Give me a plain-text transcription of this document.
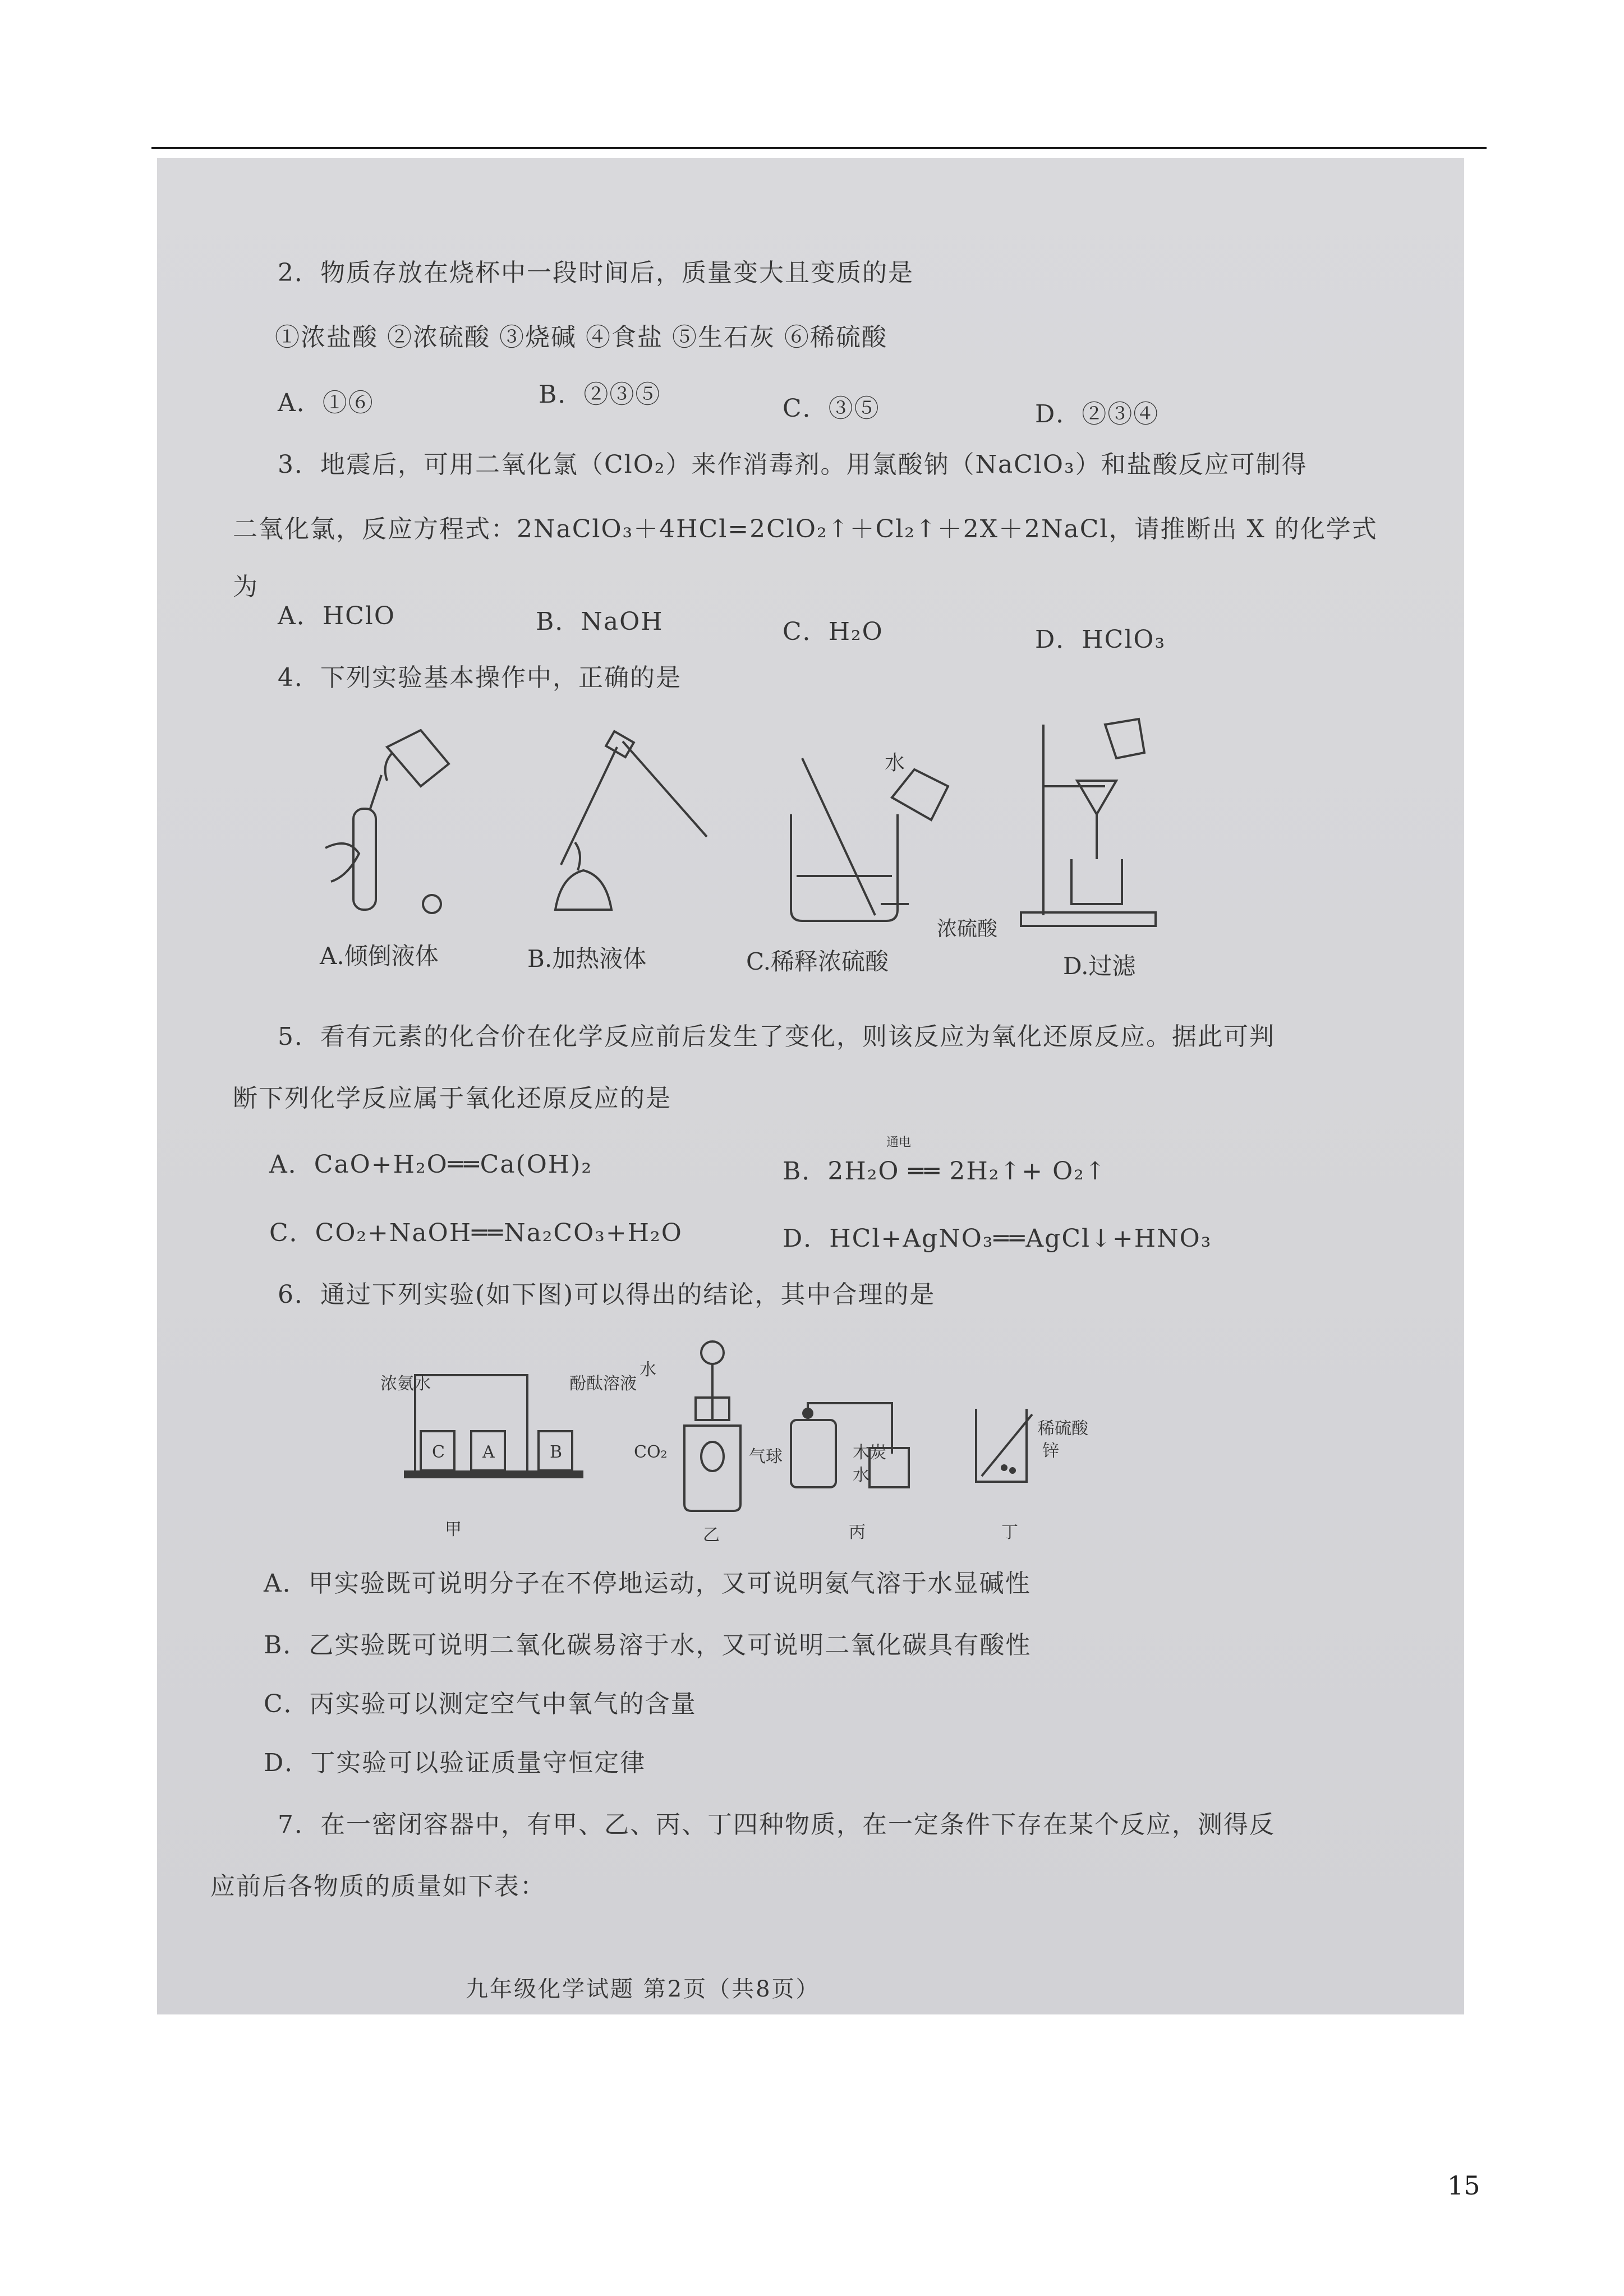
2．物质存放在烧杯中一段时间后，质量变大且变质的是
①浓盐酸 ②浓硫酸 ③烧碱 ④食盐 ⑤生石灰 ⑥稀硫酸
A．①⑥	B．②③⑤	C．③⑤	D．②③④
3．地震后，可用二氧化氯（ClO₂）来作消毒剂。用氯酸钠（NaClO₃）和盐酸反应可制得
二氧化氯，反应方程式：2NaClO₃＋4HCl=2ClO₂↑＋Cl₂↑＋2X＋2NaCl，请推断出 X 的化学式
为
A．HClO	B．NaOH	C．H₂O	D．HClO₃
4．下列实验基本操作中，正确的是
A.倾倒液体	B.加热液体
水
浓硫酸
C.稀释浓硫酸	D.过滤
5．看有元素的化合价在化学反应前后发生了变化，则该反应为氧化还原反应。据此可判
断下列化学反应属于氧化还原反应的是
A．CaO+H₂O══Ca(OH)₂
通电
B．2H₂O ══ 2H₂↑+ O₂↑
C．CO₂+NaOH══Na₂CO₃+H₂O	D．HCl+AgNO₃══AgCl↓+HNO₃
6．通过下列实验(如下图)可以得出的结论，其中合理的是
浓氨水	酚酞溶液
C A	B
甲
水
CO₂	气球
乙
木炭
水
丙
稀硫酸
锌
丁
A．甲实验既可说明分子在不停地运动，又可说明氨气溶于水显碱性
B．乙实验既可说明二氧化碳易溶于水，又可说明二氧化碳具有酸性
C．丙实验可以测定空气中氧气的含量
D．丁实验可以验证质量守恒定律
7．在一密闭容器中，有甲、乙、丙、丁四种物质，在一定条件下存在某个反应，测得反
应前后各物质的质量如下表：
九年级化学试题 第2页（共8页）
15
